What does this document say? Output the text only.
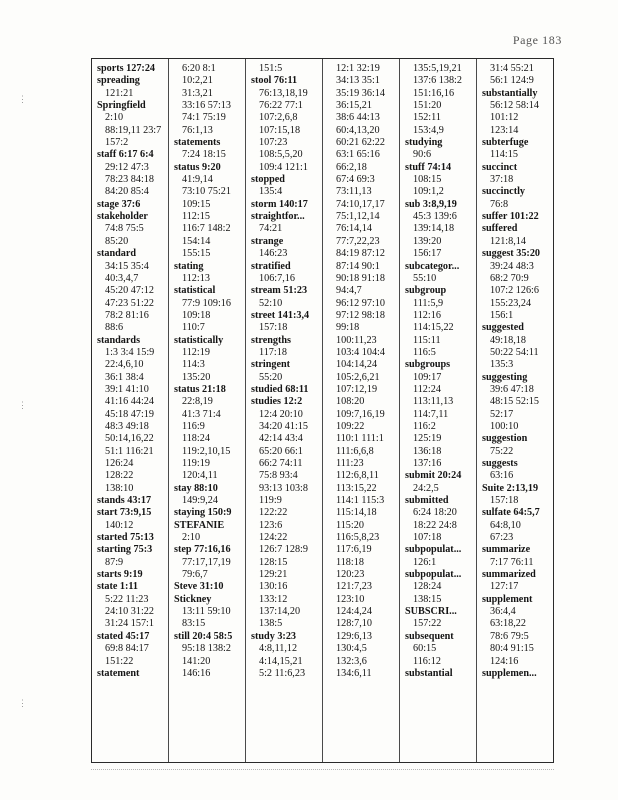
Page 183
⋮
⋮
⋮
sports 127:24
spreading
121:21
Springfield
2:10
88:19,11 23:7
157:2
staff 6:17 6:4
29:12 47:3
78:23 84:18
84:20 85:4
stage 37:6
stakeholder
74:8 75:5
85:20
standard
34:15 35:4
40:3,4,7
45:20 47:12
47:23 51:22
78:2 81:16
88:6
standards
1:3 3:4 15:9
22:4,6,10
36:1 38:4
39:1 41:10
41:16 44:24
45:18 47:19
48:3 49:18
50:14,16,22
51:1 116:21
126:24
128:22
138:10
stands 43:17
start 73:9,15
140:12
started 75:13
starting 75:3
87:9
starts 9:19
state 1:11
5:22 11:23
24:10 31:22
31:24 157:1
stated 45:17
69:8 84:17
151:22
statement
6:20 8:1
10:2,21
31:3,21
33:16 57:13
74:1 75:19
76:1,13
statements
7:24 18:15
status 9:20
41:9,14
73:10 75:21
109:15
112:15
116:7 148:2
154:14
155:15
stating
112:13
statistical
77:9 109:16
109:18
110:7
statistically
112:19
114:3
135:20
status 21:18
22:8,19
41:3 71:4
116:9
118:24
119:2,10,15
119:19
120:4,11
stay 88:10
149:9,24
staying 150:9
STEFANIE
2:10
step 77:16,16
77:17,17,19
79:6,7
Steve 31:10
Stickney
13:11 59:10
83:15
still 20:4 58:5
95:18 138:2
141:20
146:16
151:5
stool 76:11
76:13,18,19
76:22 77:1
107:2,6,8
107:15,18
107:23
108:5,5,20
109:4 121:1
stopped
135:4
storm 140:17
straightfor...
74:21
strange
146:23
stratified
106:7,16
stream 51:23
52:10
street 141:3,4
157:18
strengths
117:18
stringent
55:20
studied 68:11
studies 12:2
12:4 20:10
34:20 41:15
42:14 43:4
65:20 66:1
66:2 74:11
75:8 93:4
93:13 103:8
119:9
122:22
123:6
124:22
126:7 128:9
128:15
129:21
130:16
133:12
137:14,20
138:5
study 3:23
4:8,11,12
4:14,15,21
5:2 11:6,23
12:1 32:19
34:13 35:1
35:19 36:14
36:15,21
38:6 44:13
60:4,13,20
60:21 62:22
63:1 65:16
66:2,18
67:4 69:3
73:11,13
74:10,17,17
75:1,12,14
76:14,14
77:7,22,23
84:19 87:12
87:14 90:1
90:18 91:18
94:4,7
96:12 97:10
97:12 98:18
99:18
100:11,23
103:4 104:4
104:14,24
105:2,6,21
107:12,19
108:20
109:7,16,19
109:22
110:1 111:1
111:6,6,8
111:23
112:6,8,11
113:15,22
114:1 115:3
115:14,18
115:20
116:5,8,23
117:6,19
118:18
120:23
121:7,23
123:10
124:4,24
128:7,10
129:6,13
130:4,5
132:3,6
134:6,11
135:5,19,21
137:6 138:2
151:16,16
151:20
152:11
153:4,9
studying
90:6
stuff 74:14
108:15
109:1,2
sub 3:8,9,19
45:3 139:6
139:14,18
139:20
156:17
subcategor...
55:10
subgroup
111:5,9
112:16
114:15,22
115:11
116:5
subgroups
109:17
112:24
113:11,13
114:7,11
116:2
125:19
136:18
137:16
submit 20:24
24:2,5
submitted
6:24 18:20
18:22 24:8
107:18
subpopulat...
126:1
subpopulat...
128:24
138:15
SUBSCRI...
157:22
subsequent
60:15
116:12
substantial
31:4 55:21
56:1 124:9
substantially
56:12 58:14
101:12
123:14
subterfuge
114:15
succinct
37:18
succinctly
76:8
suffer 101:22
suffered
121:8,14
suggest 35:20
39:24 48:3
68:2 70:9
107:2 126:6
155:23,24
156:1
suggested
49:18,18
50:22 54:11
135:3
suggesting
39:6 47:18
48:15 52:15
52:17
100:10
suggestion
75:22
suggests
63:16
Suite 2:13,19
157:18
sulfate 64:5,7
64:8,10
67:23
summarize
7:17 76:11
summarized
127:17
supplement
36:4,4
63:18,22
78:6 79:5
80:4 91:15
124:16
supplemen...
